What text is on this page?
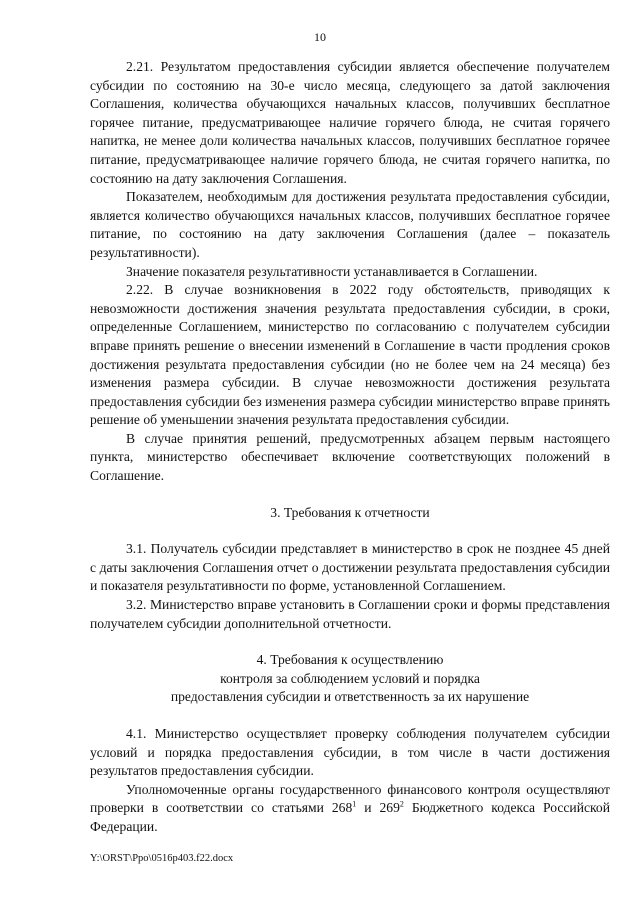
10

2.21. Результатом предоставления субсидии является обеспечение получателем субсидии по состоянию на 30-е число месяца, следующего за датой заключения Соглашения, количества обучающихся начальных классов, получивших бесплатное горячее питание, предусматривающее наличие горячего блюда, не считая горячего напитка, не менее доли количества начальных классов, получивших бесплатное горячее питание, предусматривающее наличие горячего блюда, не считая горячего напитка, по состоянию на дату заключения Соглашения.

Показателем, необходимым для достижения результата предоставления субсидии, является количество обучающихся начальных классов, получивших бесплатное горячее питание, по состоянию на дату заключения Соглашения (далее – показатель результативности).

Значение показателя результативности устанавливается в Соглашении.

2.22. В случае возникновения в 2022 году обстоятельств, приводящих к невозможности достижения значения результата предоставления субсидии, в сроки, определенные Соглашением, министерство по согласованию с получателем субсидии вправе принять решение о внесении изменений в Соглашение в части продления сроков достижения результата предоставления субсидии (но не более чем на 24 месяца) без изменения размера субсидии. В случае невозможности достижения результата предоставления субсидии без изменения размера субсидии министерство вправе принять решение об уменьшении значения результата предоставления субсидии.

В случае принятия решений, предусмотренных абзацем первым настоящего пункта, министерство обеспечивает включение соответствующих положений в Соглашение.

3. Требования к отчетности

3.1. Получатель субсидии представляет в министерство в срок не позднее 45 дней с даты заключения Соглашения отчет о достижении результата предоставления субсидии и показателя результативности по форме, установленной Соглашением.

3.2. Министерство вправе установить в Соглашении сроки и формы представления получателем субсидии дополнительной отчетности.

4. Требования к осуществлению

контроля за соблюдением условий и порядка

предоставления субсидии и ответственность за их нарушение

4.1. Министерство осуществляет проверку соблюдения получателем субсидии условий и порядка предоставления субсидии, в том числе в части достижения результатов предоставления субсидии.

Уполномоченные органы государственного финансового контроля осуществляют проверки в соответствии со статьями $268^1$ и $269^2$ Бюджетного кодекса Российской Федерации.

Y:\ORST\Ppo\0516p403.f22.docx
